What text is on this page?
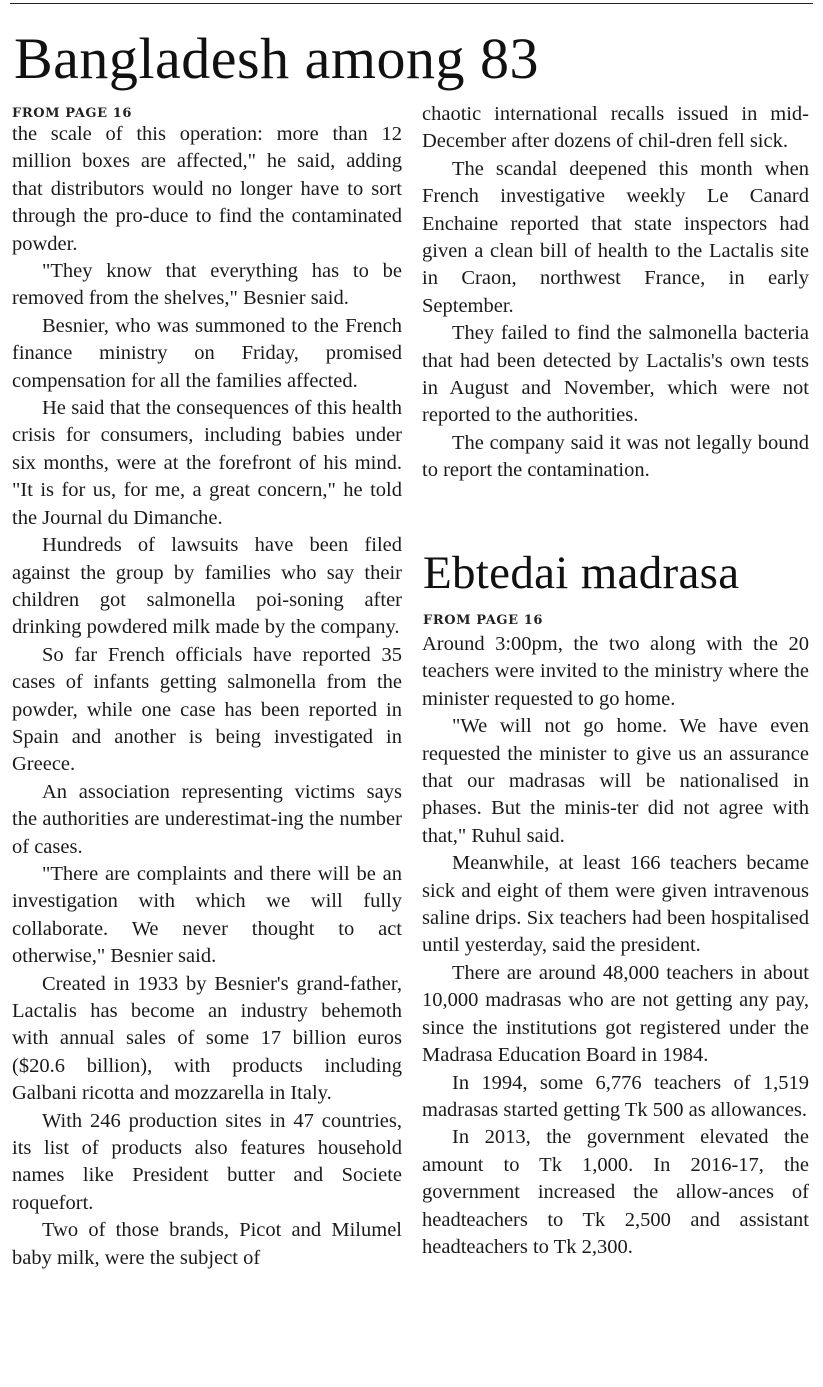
Bangladesh among 83
FROM PAGE 16

the scale of this operation: more than 12 million boxes are affected," he said, adding that distributors would no longer have to sort through the pro-duce to find the contaminated powder.

"They know that everything has to be removed from the shelves," Besnier said.

Besnier, who was summoned to the French finance ministry on Friday, promised compensation for all the families affected.

He said that the consequences of this health crisis for consumers, including babies under six months, were at the forefront of his mind. "It is for us, for me, a great concern," he told the Journal du Dimanche.

Hundreds of lawsuits have been filed against the group by families who say their children got salmonella poi-soning after drinking powdered milk made by the company.

So far French officials have reported 35 cases of infants getting salmonella from the powder, while one case has been reported in Spain and another is being investigated in Greece.

An association representing victims says the authorities are underestimat-ing the number of cases.

"There are complaints and there will be an investigation with which we will fully collaborate. We never thought to act otherwise," Besnier said.

Created in 1933 by Besnier's grand-father, Lactalis has become an industry behemoth with annual sales of some 17 billion euros ($20.6 billion), with products including Galbani ricotta and mozzarella in Italy.

With 246 production sites in 47 countries, its list of products also features household names like President butter and Societe roquefort.

Two of those brands, Picot and Milumel baby milk, were the subject of

chaotic international recalls issued in mid-December after dozens of chil-dren fell sick.

The scandal deepened this month when French investigative weekly Le Canard Enchaine reported that state inspectors had given a clean bill of health to the Lactalis site in Craon, northwest France, in early September.

They failed to find the salmonella bacteria that had been detected by Lactalis's own tests in August and November, which were not reported to the authorities.

The company said it was not legally bound to report the contamination.

Ebtedai madrasa
FROM PAGE 16

Around 3:00pm, the two along with the 20 teachers were invited to the ministry where the minister requested to go home.

"We will not go home. We have even requested the minister to give us an assurance that our madrasas will be nationalised in phases. But the minis-ter did not agree with that," Ruhul said.

Meanwhile, at least 166 teachers became sick and eight of them were given intravenous saline drips. Six teachers had been hospitalised until yesterday, said the president.

There are around 48,000 teachers in about 10,000 madrasas who are not getting any pay, since the institutions got registered under the Madrasa Education Board in 1984.

In 1994, some 6,776 teachers of 1,519 madrasas started getting Tk 500 as allowances.

In 2013, the government elevated the amount to Tk 1,000. In 2016-17, the government increased the allow-ances of headteachers to Tk 2,500 and assistant headteachers to Tk 2,300.
